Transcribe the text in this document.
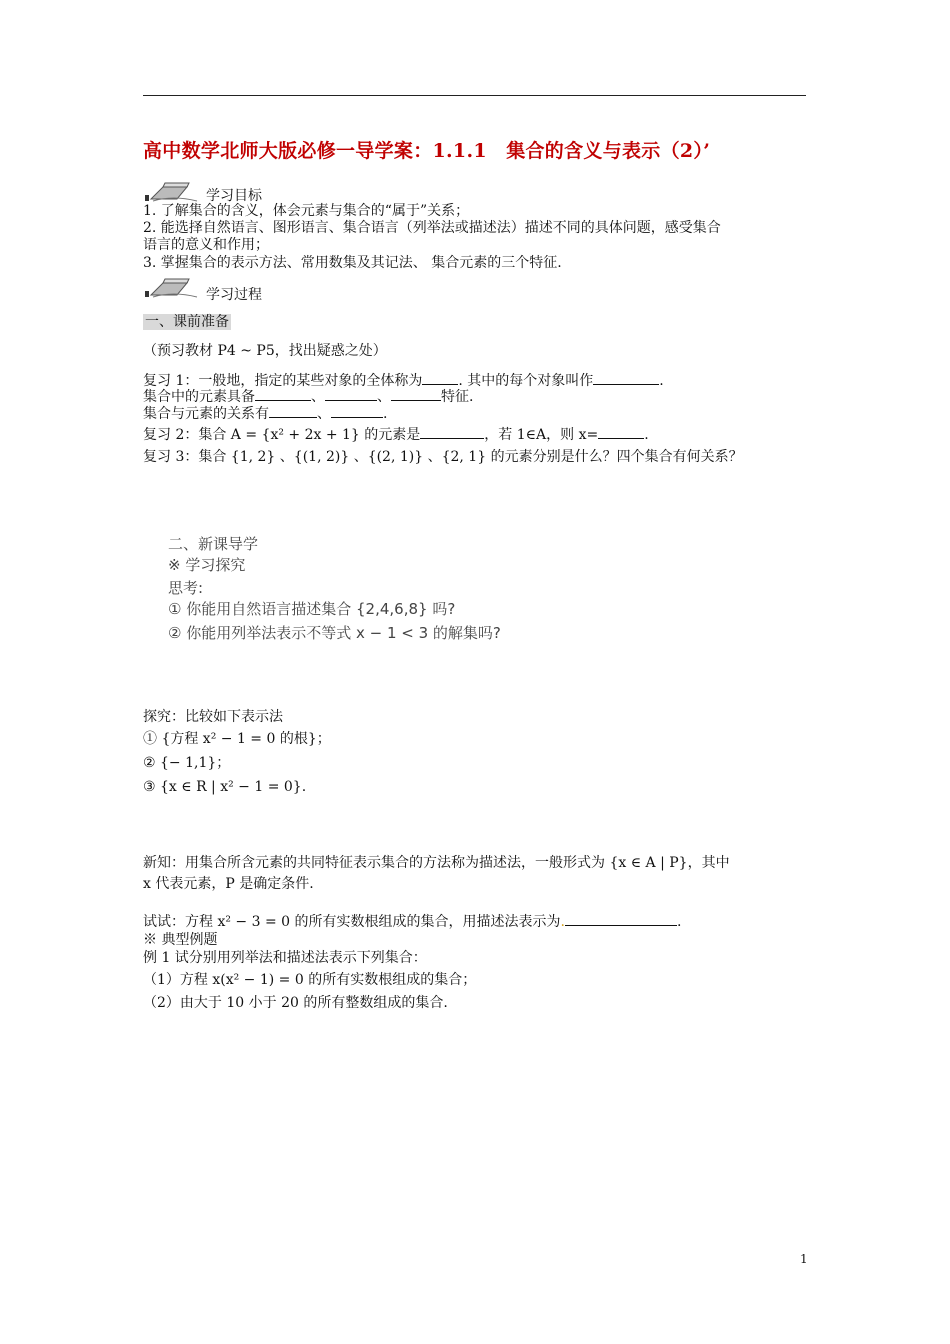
高中数学北师大版必修一导学案：1.1.1　集合的含义与表示（2）’
学习目标
1. 了解集合的含义，体会元素与集合的“属于”关系；
2. 能选择自然语言、图形语言、集合语言（列举法或描述法）描述不同的具体问题，感受集合
语言的意义和作用；
3. 掌握集合的表示方法、常用数集及其记法、 集合元素的三个特征.
学习过程
一、课前准备
（预习教材 P4 ~ P5，找出疑惑之处）
复习 1：一般地，指定的某些对象的全体称为	. 其中的每个对象叫作	.
集合中的元素具备	、	、	特征.
集合与元素的关系有	、	.
复习 2：集合 A = {x² + 2x + 1} 的元素是	，若 1∈A，则 x=	.
复习 3：集合 {1, 2} 、{(1, 2)} 、{(2, 1)} 、{2, 1} 的元素分别是什么？四个集合有何关系？
二、新课导学
※ 学习探究
思考:
① 你能用自然语言描述集合 {2,4,6,8} 吗?
② 你能用列举法表示不等式 x − 1 < 3 的解集吗?
探究：比较如下表示法
① {方程 x² − 1 = 0 的根}；
② {− 1,1}；
③ {x ∈ R | x² − 1 = 0}.
新知：用集合所含元素的共同特征表示集合的方法称为描述法，一般形式为 {x ∈ A | P}，其中
x 代表元素，P 是确定条件.
试试：方程 x² − 3 = 0 的所有实数根组成的集合，用描述法表示为.	.
※ 典型例题
例 1 试分别用列举法和描述法表示下列集合：
（1）方程 x(x² − 1) = 0 的所有实数根组成的集合；
（2）由大于 10 小于 20 的所有整数组成的集合.
1
